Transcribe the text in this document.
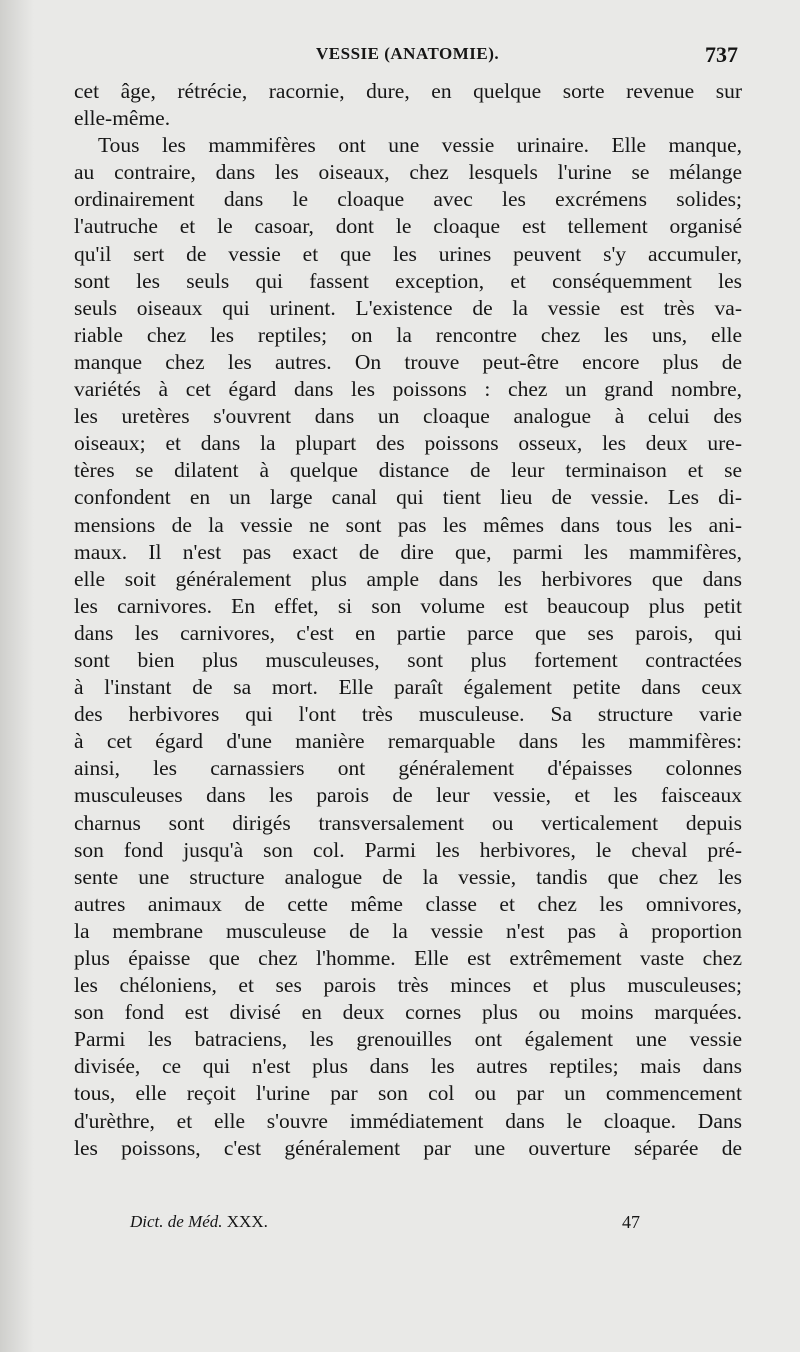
VESSIE (ANATOMIE).	737
cet âge, rétrécie, racornie, dure, en quelque sorte revenue sur
elle-même.
Tous les mammifères ont une vessie urinaire. Elle manque,
au contraire, dans les oiseaux, chez lesquels l'urine se mélange
ordinairement dans le cloaque avec les excrémens solides;
l'autruche et le casoar, dont le cloaque est tellement organisé
qu'il sert de vessie et que les urines peuvent s'y accumuler,
sont les seuls qui fassent exception, et conséquemment les
seuls oiseaux qui urinent. L'existence de la vessie est très va-
riable chez les reptiles; on la rencontre chez les uns, elle
manque chez les autres. On trouve peut-être encore plus de
variétés à cet égard dans les poissons : chez un grand nombre,
les uretères s'ouvrent dans un cloaque analogue à celui des
oiseaux; et dans la plupart des poissons osseux, les deux ure-
tères se dilatent à quelque distance de leur terminaison et se
confondent en un large canal qui tient lieu de vessie. Les di-
mensions de la vessie ne sont pas les mêmes dans tous les ani-
maux. Il n'est pas exact de dire que, parmi les mammifères,
elle soit généralement plus ample dans les herbivores que dans
les carnivores. En effet, si son volume est beaucoup plus petit
dans les carnivores, c'est en partie parce que ses parois, qui
sont bien plus musculeuses, sont plus fortement contractées
à l'instant de sa mort. Elle paraît également petite dans ceux
des herbivores qui l'ont très musculeuse. Sa structure varie
à cet égard d'une manière remarquable dans les mammifères:
ainsi, les carnassiers ont généralement d'épaisses colonnes
musculeuses dans les parois de leur vessie, et les faisceaux
charnus sont dirigés transversalement ou verticalement depuis
son fond jusqu'à son col. Parmi les herbivores, le cheval pré-
sente une structure analogue de la vessie, tandis que chez les
autres animaux de cette même classe et chez les omnivores,
la membrane musculeuse de la vessie n'est pas à proportion
plus épaisse que chez l'homme. Elle est extrêmement vaste chez
les chéloniens, et ses parois très minces et plus musculeuses;
son fond est divisé en deux cornes plus ou moins marquées.
Parmi les batraciens, les grenouilles ont également une vessie
divisée, ce qui n'est plus dans les autres reptiles; mais dans
tous, elle reçoit l'urine par son col ou par un commencement
d'urèthre, et elle s'ouvre immédiatement dans le cloaque. Dans
les poissons, c'est généralement par une ouverture séparée de
Dict. de Méd. XXX.	47
